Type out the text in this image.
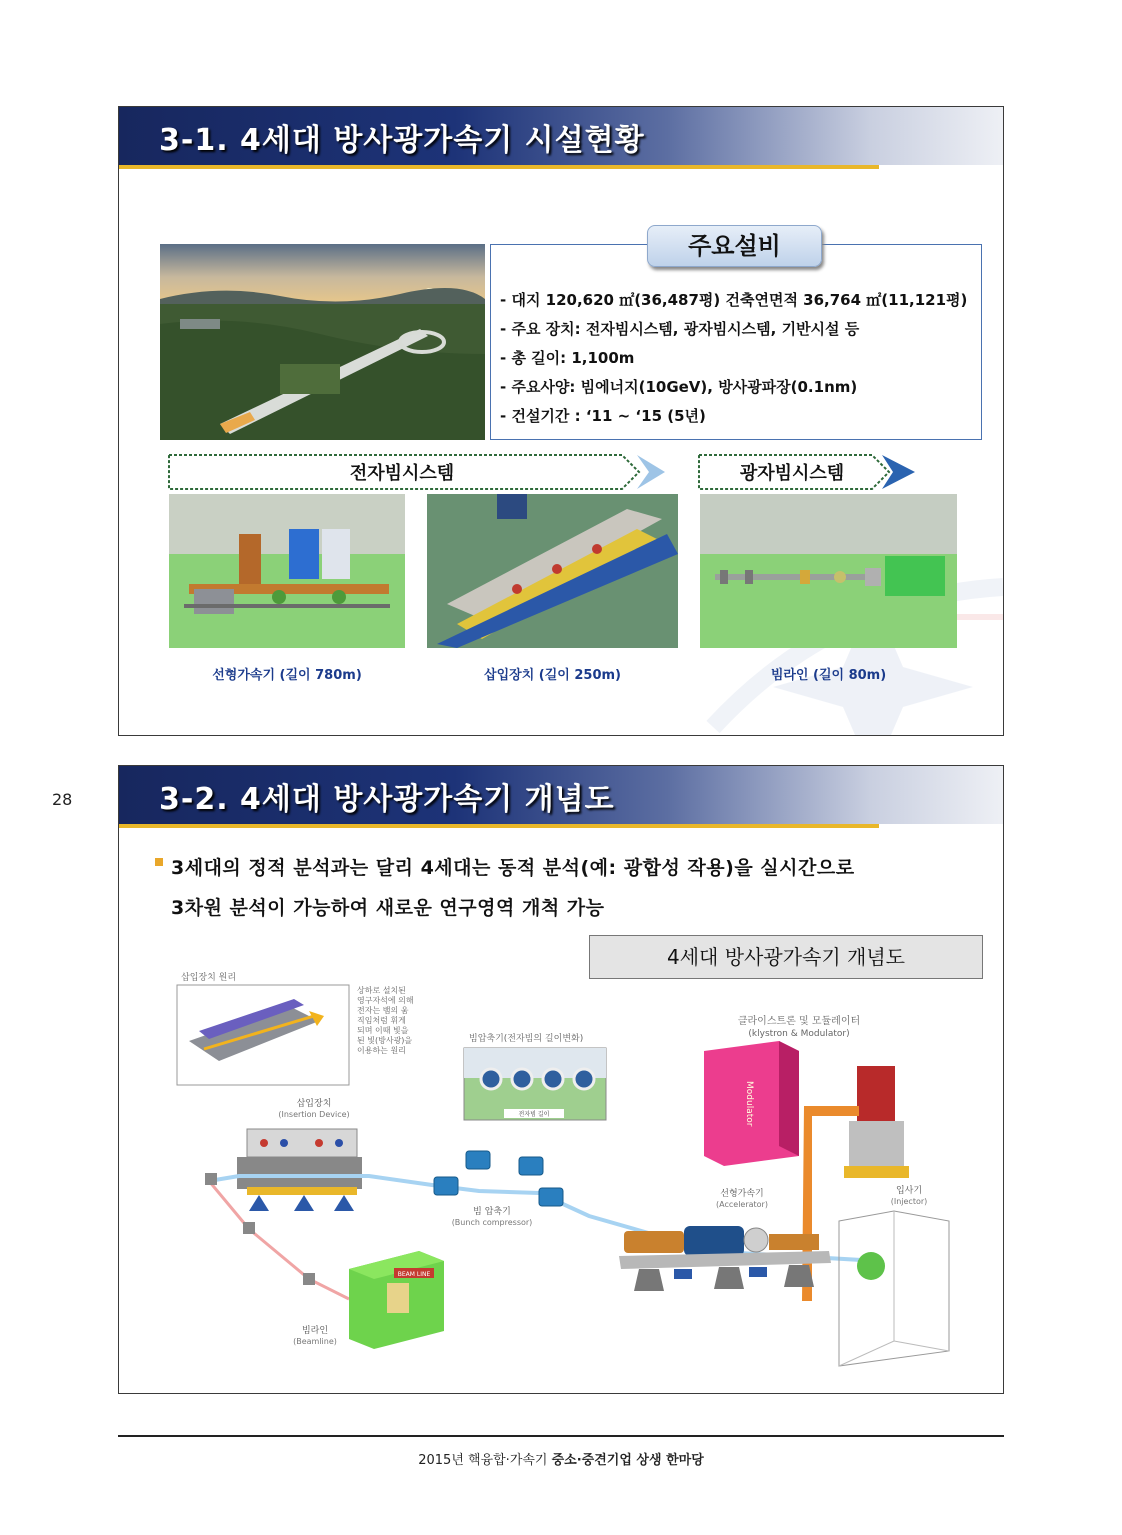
3-1. 4세대 방사광가속기 시설현황
주요설비
- 대지 120,620 ㎡(36,487평) 건축연면적 36,764 ㎡(11,121평)
- 주요 장치: 전자빔시스템, 광자빔시스템, 기반시설 등
- 총 길이: 1,100m
- 주요사양: 빔에너지(10GeV), 방사광파장(0.1nm)
- 건설기간 : ‘11 ~ ‘15 (5년)
전자빔시스템	광자빔시스템
선형가속기 (길이 780m)	삽입장치 (길이 250m)	빔라인 (길이 80m)
3-2. 4세대 방사광가속기 개념도
3세대의 정적 분석과는 달리 4세대는 동적 분석(예: 광합성 작용)을 실시간으로
3차원 분석이 가능하여 새로운 연구영역 개척 가능
4세대 방사광가속기 개념도
삽입장치 원리
상하로 설치된
영구자석에 의해
전자는 뱀의 움
직임처럼 휘게
되며 이때 빛을
된 빛(방사광)을
이용하는 원리
빔압축기(전자빔의 길이변화)
전자빔 길이
클라이스트론 및 모듈레이터
(klystron & Modulator)
Modulator
삽입장치
(Insertion Device)
빔 압축기
(Bunch compressor)
선형가속기
(Accelerator)
입사기
(Injector)
빔라인
(Beamline)
BEAM LINE
28
2015년 핵융합·가속기 중소·중견기업 상생 한마당
